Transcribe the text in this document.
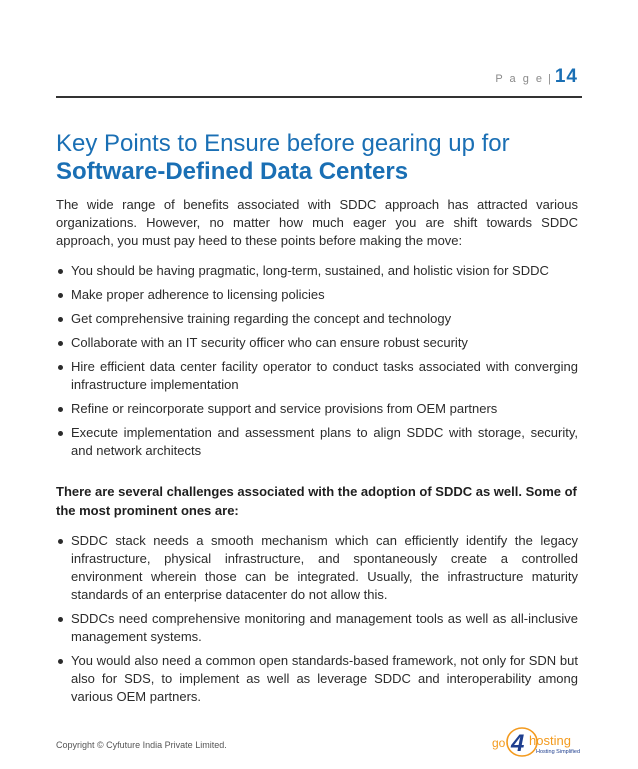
P a g e | 14
Key Points to Ensure before gearing up for
Software-Defined Data Centers

The wide range of benefits associated with SDDC approach has attracted various organizations. However, no matter how much eager you are shift towards SDDC approach, you must pay heed to these points before making the move:

You should be having pragmatic, long-term, sustained, and holistic vision for SDDC
Make proper adherence to licensing policies
Get comprehensive training regarding the concept and technology
Collaborate with an IT security officer who can ensure robust security
Hire efficient data center facility operator to conduct tasks associated with converging infrastructure implementation
Refine or reincorporate support and service provisions from OEM partners
Execute implementation and assessment plans to align SDDC with storage, security, and network architects

There are several challenges associated with the adoption of SDDC as well. Some of the most prominent ones are:

SDDC stack needs a smooth mechanism which can efficiently identify the legacy infrastructure, physical infrastructure, and spontaneously create a controlled environment wherein those can be integrated. Usually, the infrastructure maturity standards of an enterprise datacenter do not allow this.
SDDCs need comprehensive monitoring and management tools as well as all-inclusive management systems.
You would also need a common open standards-based framework, not only for SDN but also for SDS, to implement as well as leverage SDDC and interoperability among various OEM partners.
Copyright © Cyfuture India Private Limited.	go 4 hosting
Hosting Simplified
